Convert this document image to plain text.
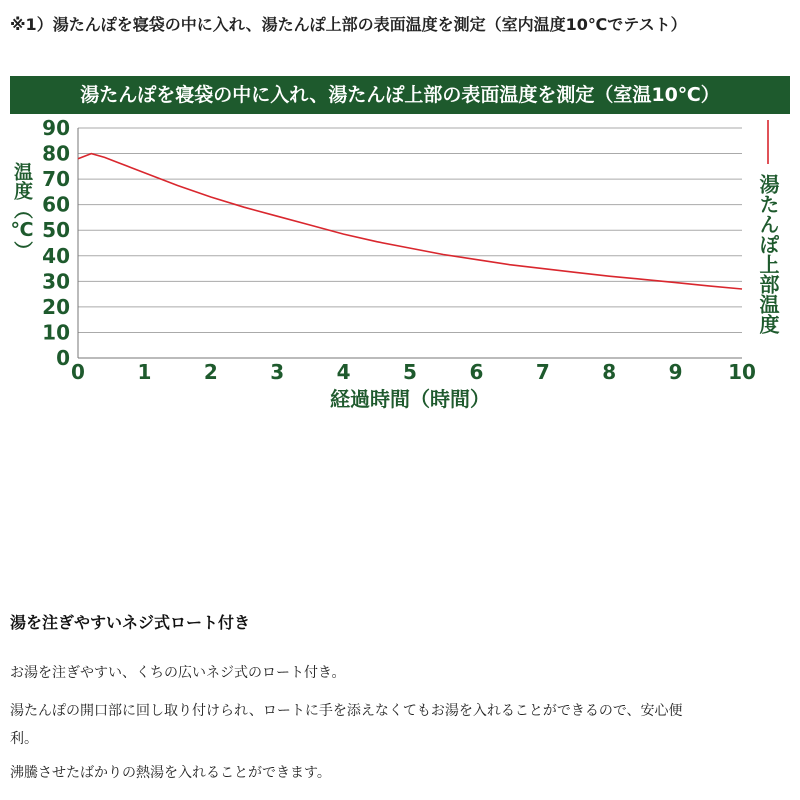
※1）湯たんぽを寝袋の中に入れ、湯たんぽ上部の表面温度を測定（室内温度10℃でテスト）
湯たんぽを寝袋の中に入れ、湯たんぽ上部の表面温度を測定（室温10℃）
0
10
20
30
40
50
60
70
80
90
0	1	2	3	4	5	6	7	8	9 10
経過時間（時間）
温度（℃）	湯たんぽ上部温度
湯を注ぎやすいネジ式ロート付き
お湯を注ぎやすい、くちの広いネジ式のロート付き。
湯たんぽの開口部に回し取り付けられ、ロートに手を添えなくてもお湯を入れることができるので、安心便
利。
沸騰させたばかりの熱湯を入れることができます。
